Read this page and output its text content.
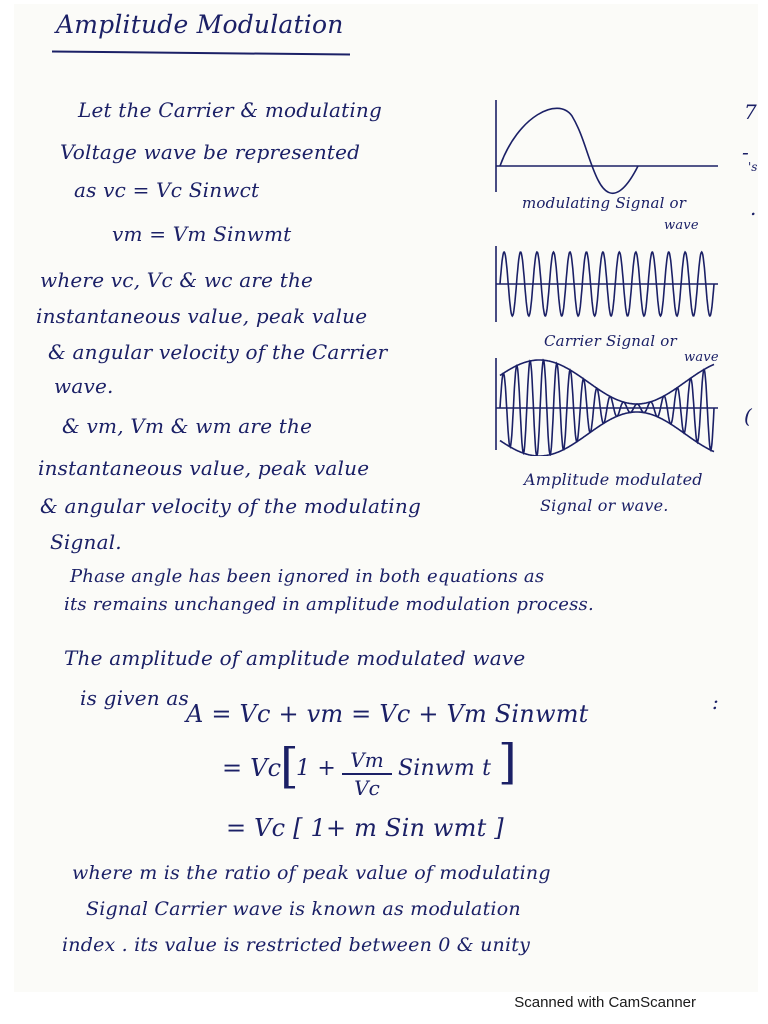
Amplitude Modulation
Let the Carrier & modulating
Voltage wave be represented
as vc = Vc Sinwct
vm = Vm Sinwmt
where vc, Vc & wc are the
instantaneous value, peak value
& angular velocity of the Carrier
wave.
& vm, Vm & wm are the
instantaneous value, peak value
& angular velocity of the modulating
Signal.
Phase angle has been ignored in both equations as
its remains unchanged in amplitude modulation process.
The amplitude of amplitude modulated wave
is given as
A = Vc + vm = Vc + Vm Sinwmt
= Vc
[
1 + Vm
Vc
Sinwm t ]
= Vc [ 1+ m Sin wmt ]
where m is the ratio of peak value of modulating
Signal Carrier wave is known as modulation
index . its value is restricted between 0 & unity
modulating Signal or
wave
Carrier Signal or
wave
Amplitude modulated
Signal or wave.
7
-
's
.
(
:
Scanned with CamScanner
